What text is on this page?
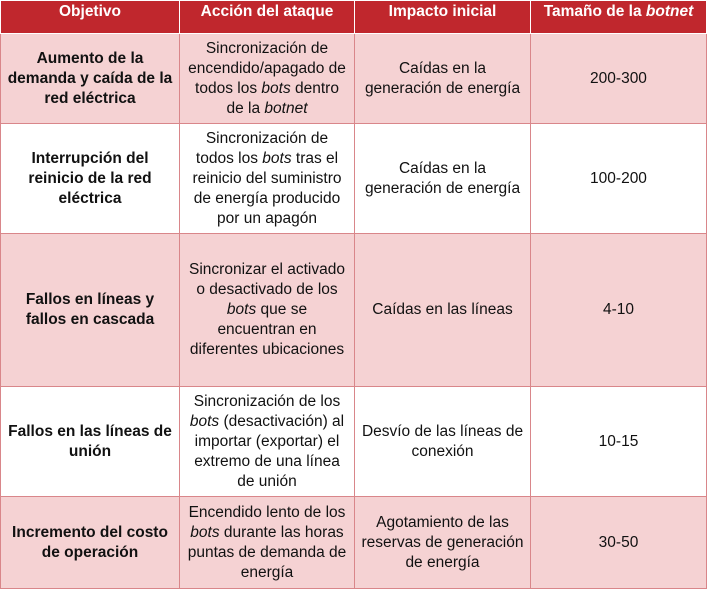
Objetivo	Acción del ataque	Impacto inicial	Tamaño de la botnet
Aumento de la demanda y caída de la red eléctrica	Sincronización de encendido/apagado de todos los bots dentro de la botnet	Caídas en la generación de energía	200-300
Interrupción del reinicio de la red eléctrica	Sincronización de todos los bots tras el reinicio del suministro de energía producido por un apagón	Caídas en la generación de energía	100-200
Fallos en líneas y fallos en cascada	Sincronizar el activado o desactivado de los bots que se encuentran en diferentes ubicaciones	Caídas en las líneas	4-10
Fallos en las líneas de unión	Sincronización de los bots (desactivación) al importar (exportar) el extremo de una línea de unión	Desvío de las líneas de conexión	10-15
Incremento del costo de operación	Encendido lento de los bots durante las horas puntas de demanda de energía	Agotamiento de las reservas de generación de energía	30-50
